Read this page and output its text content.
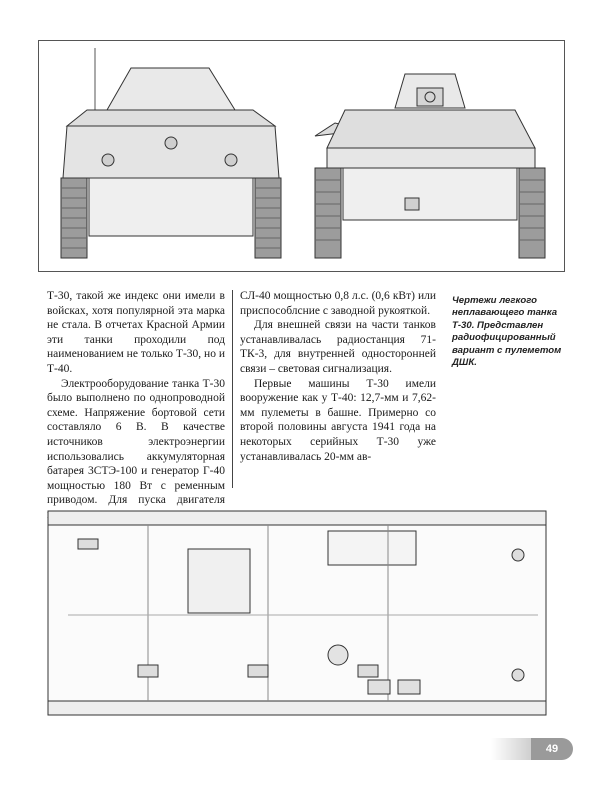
Т-30, такой же индекс они имели в войсках, хотя популярной эта марка не стала. В отчетах Красной Армии эти танки проходили под наименованием не только Т-30, но и Т-40.

Электрооборудование танка Т-30 было выполнено по однопроводной схеме. Напряжение бортовой сети составляло 6 В. В качестве источников электроэнергии использовались аккумуляторная батарея 3СТЭ-100 и генератор Г-40 мощностью 180 Вт с ременным приводом. Для пуска двигателя

СЛ-40 мощностью 0,8 л.с. (0,6 кВт) или приспособлсние с заводной рукояткой.

Для внешней связи на части танков устанавливалась радиостанция 71-ТК-3, для внутренней односторонней связи – световая сигнализация.

Первые машины Т-30 имели вооружение как у Т-40: 12,7-мм и 7,62-мм пулеметы в башне. Примерно со второй половины августа 1941 года на некоторых серийных Т-30 уже устанавливалась 20-мм ав-

Чертежи легкого неплавающего танка Т-30. Представлен радиофицированный вариант с пулеметом ДШК.
49
